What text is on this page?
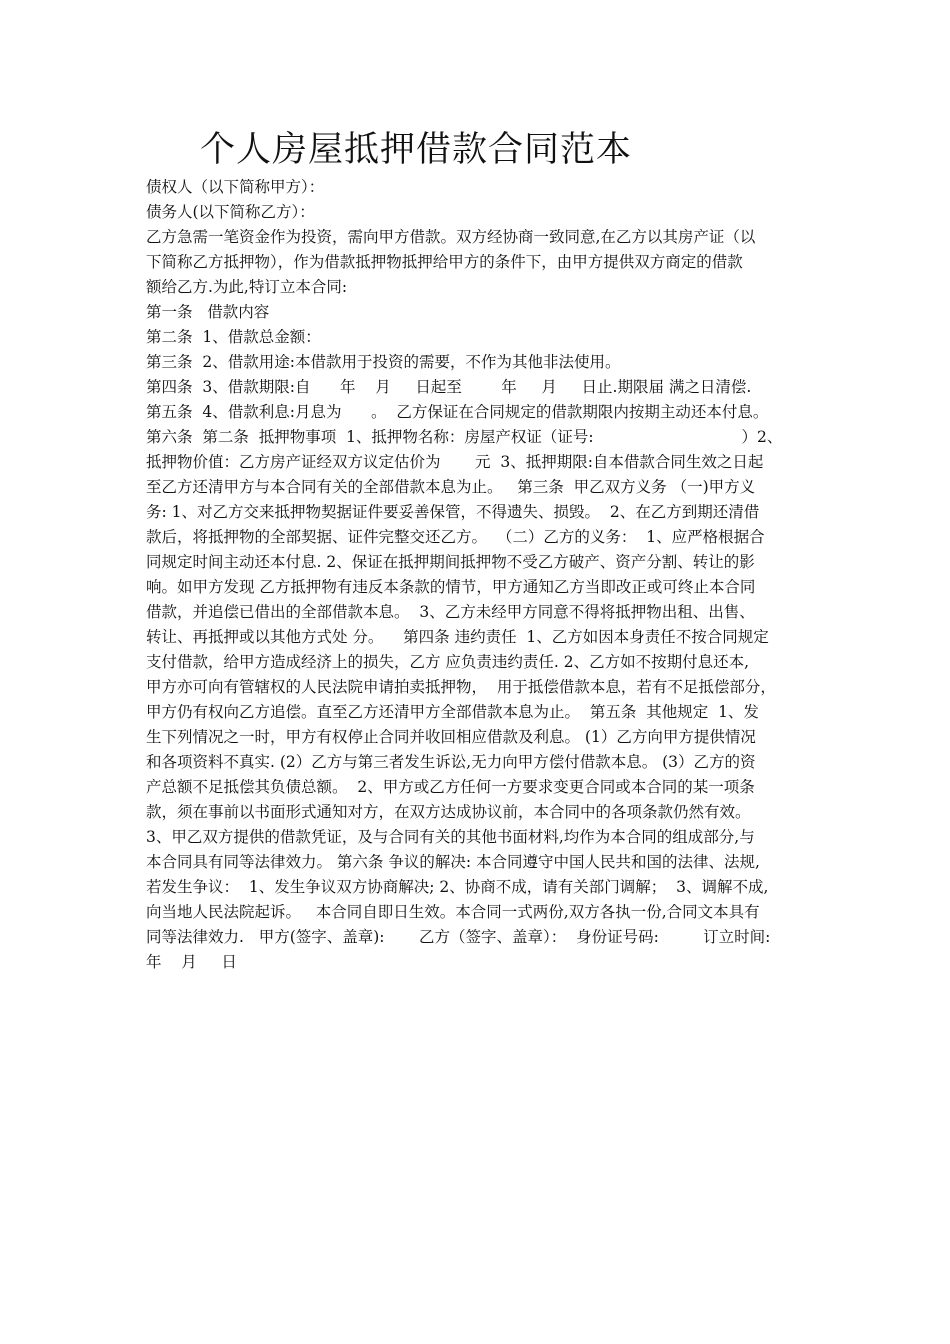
个人房屋抵押借款合同范本

债权人（以下简称甲方）：

债务人(以下简称乙方）：

乙方急需一笔资金作为投资，需向甲方借款。双方经协商一致同意,在乙方以其房产证（以

下简称乙方抵押物），作为借款抵押物抵押给甲方的条件下，由甲方提供双方商定的借款

额给乙方.为此,特订立本合同:

第一条   借款内容

第二条  1、借款总金额：

第三条  2、借款用途:本借款用于投资的需要，不作为其他非法使用。

第四条  3、借款期限:自      年    月     日起至        年     月     日止.期限届 满之日清偿.

第五条  4、借款利息:月息为      。  乙方保证在合同规定的借款期限内按期主动还本付息。

第六条  第二条  抵押物事项  1、抵押物名称：房屋产权证（证号:                              ）2、

抵押物价值：乙方房产证经双方议定估价为       元  3、抵押期限:自本借款合同生效之日起

至乙方还清甲方与本合同有关的全部借款本息为止。   第三条  甲乙双方义务 （一)甲方义

务: 1、对乙方交来抵押物契据证件要妥善保管，不得遗失、损毁。  2、在乙方到期还清借

款后，将抵押物的全部契据、证件完整交还乙方。  （二）乙方的义务：  1、应严格根据合

同规定时间主动还本付息. 2、保证在抵押期间抵押物不受乙方破产、资产分割、转让的影

响。如甲方发现 乙方抵押物有违反本条款的情节，甲方通知乙方当即改正或可终止本合同

借款，并追偿已借出的全部借款本息。  3、乙方未经甲方同意不得将抵押物出租、出售、

转让、再抵押或以其他方式处 分。    第四条 违约责任  1、乙方如因本身责任不按合同规定

支付借款，给甲方造成经济上的损失，乙方 应负责违约责任. 2、乙方如不按期付息还本,

甲方亦可向有管辖权的人民法院申请拍卖抵押物，  用于抵偿借款本息，若有不足抵偿部分，

甲方仍有权向乙方追偿。直至乙方还清甲方全部借款本息为止。  第五条  其他规定  1、发

生下列情况之一时，甲方有权停止合同并收回相应借款及利息。 (1）乙方向甲方提供情况

和各项资料不真实. (2）乙方与第三者发生诉讼,无力向甲方偿付借款本息。 (3）乙方的资

产总额不足抵偿其负债总额。  2、甲方或乙方任何一方要求变更合同或本合同的某一项条

款，须在事前以书面形式通知对方，在双方达成协议前，本合同中的各项条款仍然有效。

3、甲乙双方提供的借款凭证，及与合同有关的其他书面材料,均作为本合同的组成部分,与

本合同具有同等法律效力。 第六条 争议的解决: 本合同遵守中国人民共和国的法律、法规,

若发生争议：  1、发生争议双方协商解决; 2、协商不成，请有关部门调解；  3、调解不成,

向当地人民法院起诉。   本合同自即日生效。本合同一式两份,双方各执一份,合同文本具有

同等法律效力.   甲方(签字、盖章):       乙方（签字、盖章）：  身份证号码:         订立时间:

年    月     日
